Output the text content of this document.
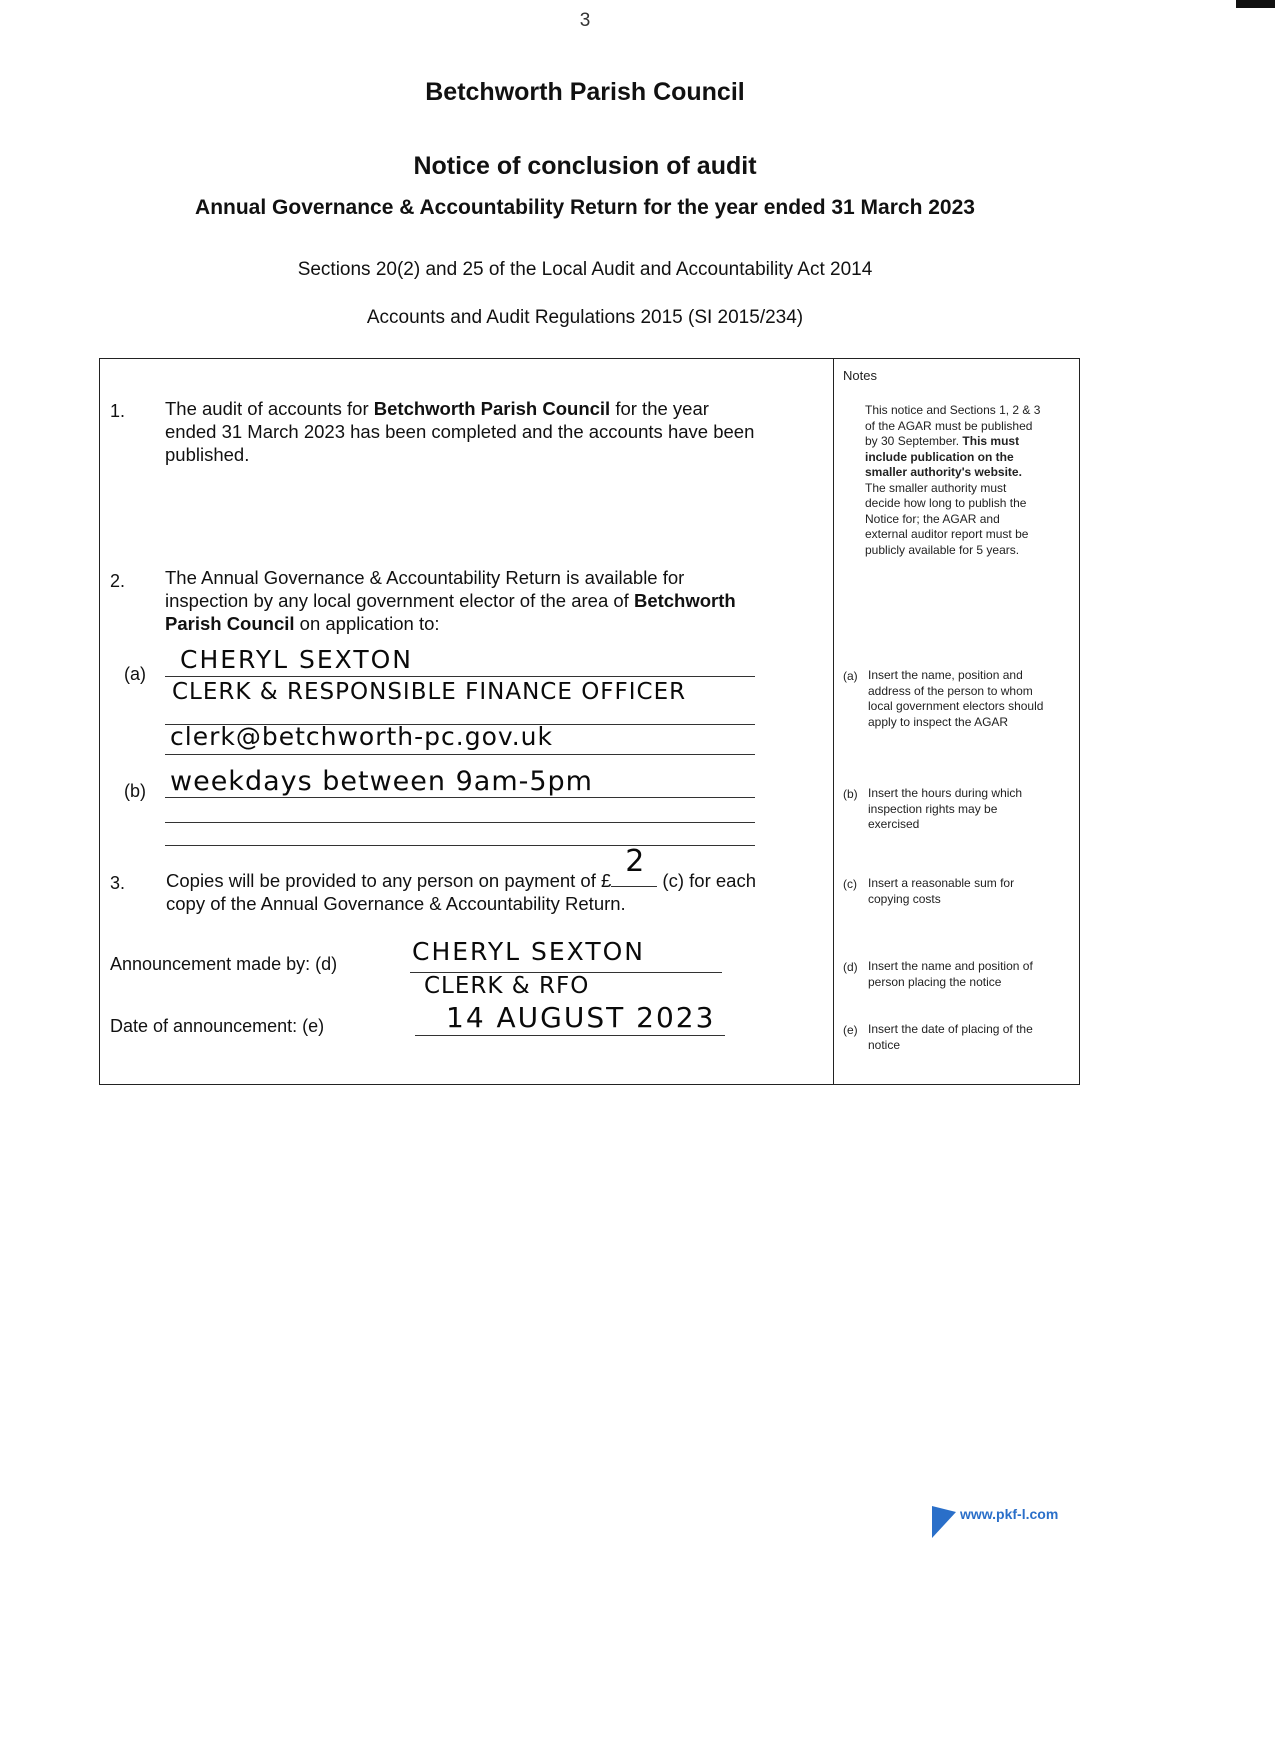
3
Betchworth Parish Council
Notice of conclusion of audit
Annual Governance & Accountability Return for the year ended 31 March 2023
Sections 20(2) and 25 of the Local Audit and Accountability Act 2014
Accounts and Audit Regulations 2015 (SI 2015/234)
1. The audit of accounts for Betchworth Parish Council for the year
ended 31 March 2023 has been completed and the accounts have been
published.
2. The Annual Governance & Accountability Return is available for
inspection by any local government elector of the area of Betchworth
Parish Council on application to:
(a) CHERYL SEXTON
CLERK & RESPONSIBLE FINANCE OFFICER
clerk@betchworth-pc.gov.uk
(b) weekdays between 9am-5pm
3. Copies will be provided to any person on payment of £
2
(c) for each
copy of the Annual Governance & Accountability Return.
Announcement made by: (d)	CHERYL SEXTON
CLERK & RFO
Date of announcement: (e)	14 AUGUST 2023
Notes
This notice and Sections 1, 2 & 3
of the AGAR must be published
by 30 September. This must
include publication on the
smaller authority's website.
The smaller authority must
decide how long to publish the
Notice for; the AGAR and
external auditor report must be
publicly available for 5 years.
(a) Insert the name, position and
address of the person to whom
local government electors should
apply to inspect the AGAR
(b) Insert the hours during which
inspection rights may be
exercised
(c) Insert a reasonable sum for
copying costs
(d) Insert the name and position of
person placing the notice
(e) Insert the date of placing of the
notice
www.pkf-l.com
